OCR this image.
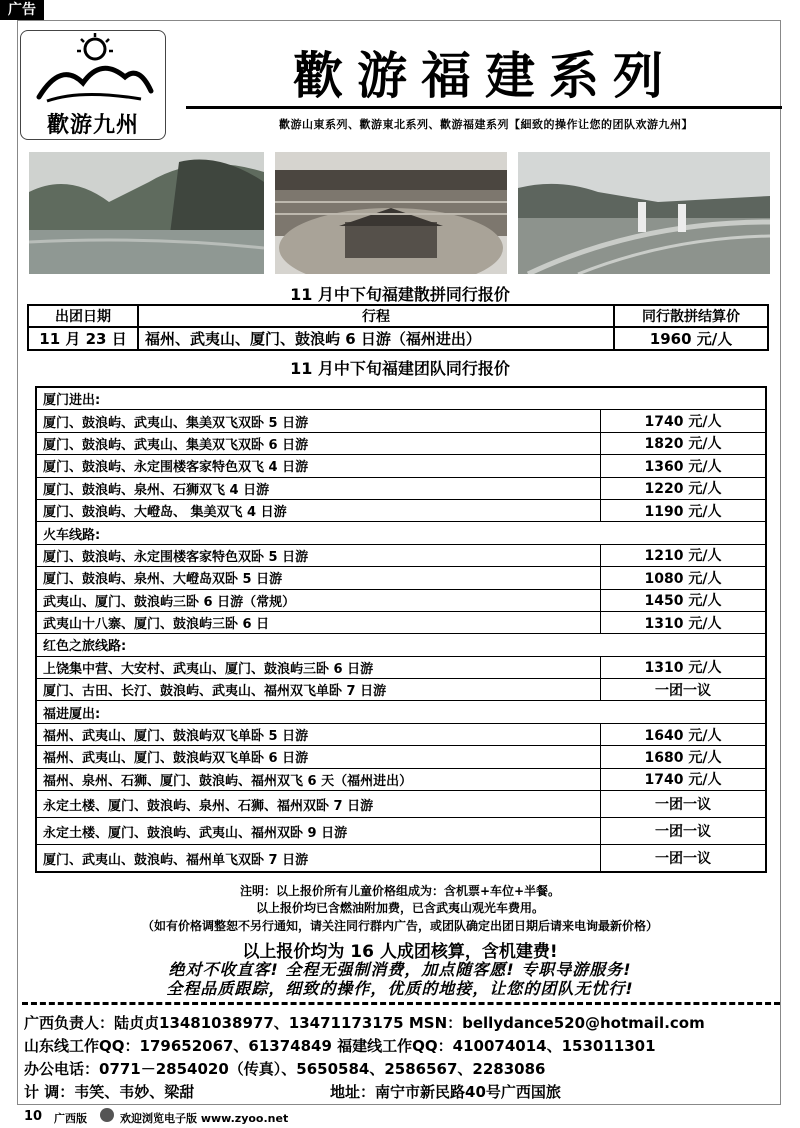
广告
歡游九州
歡游福建系列
歡游山東系列、歡游東北系列、歡游福建系列【細致的操作让您的团队欢游九州】
11 月中下旬福建散拼同行报价
出团日期	行程	同行散拼结算价
11 月 23 日	福州、武夷山、厦门、鼓浪屿 6 日游（福州进出）	1960 元/人
11 月中下旬福建团队同行报价
厦门进出:	
厦门、鼓浪屿、武夷山、集美双飞双卧 5 日游	1740 元/人
厦门、鼓浪屿、武夷山、集美双飞双卧 6 日游	1820 元/人
厦门、鼓浪屿、永定围楼客家特色双飞 4 日游	1360 元/人
厦门、鼓浪屿、泉州、石狮双飞 4 日游	1220 元/人
厦门、鼓浪屿、大嶝岛、 集美双飞 4 日游	1190 元/人
火车线路:	
厦门、鼓浪屿、永定围楼客家特色双卧 5 日游	1210 元/人
厦门、鼓浪屿、泉州、大嶝岛双卧 5 日游	1080 元/人
武夷山、厦门、鼓浪屿三卧 6 日游（常规）	1450 元/人
武夷山十八寨、厦门、鼓浪屿三卧 6 日	1310 元/人
红色之旅线路:	
上饶集中营、大安村、武夷山、厦门、鼓浪屿三卧 6 日游	1310 元/人
厦门、古田、长汀、鼓浪屿、武夷山、福州双飞单卧 7 日游	一团一议
福进厦出:	
福州、武夷山、厦门、鼓浪屿双飞单卧 5 日游	1640 元/人
福州、武夷山、厦门、鼓浪屿双飞单卧 6 日游	1680 元/人
福州、泉州、石狮、厦门、鼓浪屿、福州双飞 6 天（福州进出）	1740 元/人
永定土楼、厦门、鼓浪屿、泉州、石狮、福州双卧 7 日游	一团一议
永定土楼、厦门、鼓浪屿、武夷山、福州双卧 9 日游	一团一议
厦门、武夷山、鼓浪屿、福州单飞双卧 7 日游	一团一议
注明：以上报价所有儿童价格组成为：含机票+车位+半餐。
以上报价均已含燃油附加费，已含武夷山观光车费用。
（如有价格调整恕不另行通知，请关注同行群内广告，或团队确定出团日期后请来电询最新价格）
以上报价均为 16 人成团核算，含机建费!
绝对不收直客! 全程无强制消费，加点随客愿! 专职导游服务!
全程品质跟踪，细致的操作，优质的地接，让您的团队无忧行!
广西负责人：陆贞贞13481038977、13471173175 MSN：bellydance520@hotmail.com
山东线工作QQ：179652067、61374849 福建线工作QQ：410074014、153011301
办公电话：0771－2854020（传真）、5650584、2586567、2283086
计 调：韦笑、韦妙、梁甜	地址：南宁市新民路40号广西国旅
10 广西版	欢迎浏览电子版 www.zyoo.net
